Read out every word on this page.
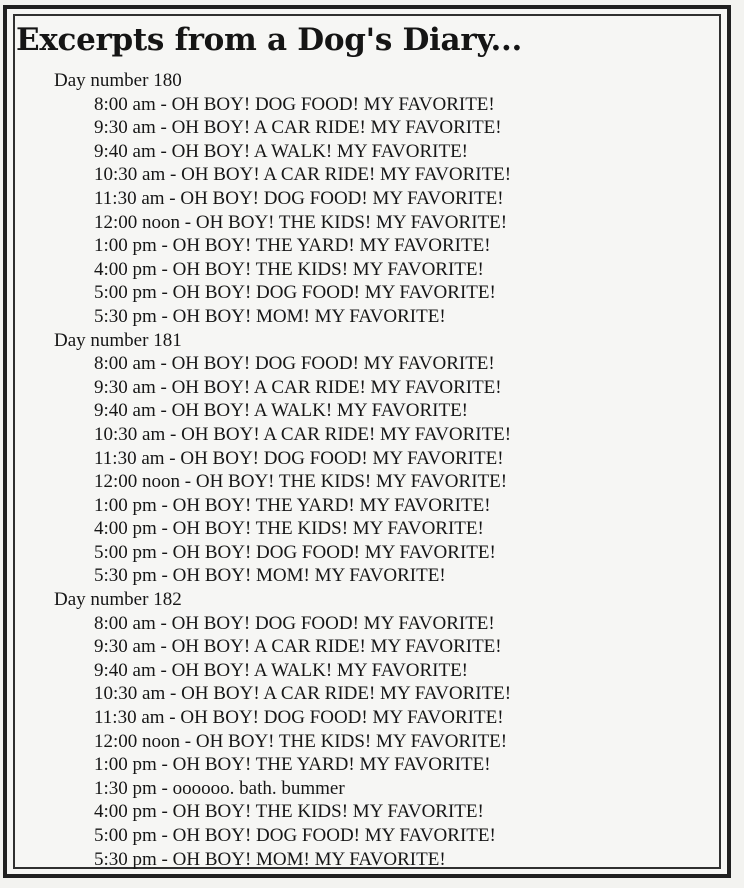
Excerpts from a Dog's Diary...
Day number 180
8:00 am - OH BOY! DOG FOOD! MY FAVORITE!
9:30 am - OH BOY! A CAR RIDE! MY FAVORITE!
9:40 am - OH BOY! A WALK! MY FAVORITE!
10:30 am - OH BOY! A CAR RIDE! MY FAVORITE!
11:30 am - OH BOY! DOG FOOD! MY FAVORITE!
12:00 noon - OH BOY! THE KIDS! MY FAVORITE!
1:00 pm - OH BOY! THE YARD! MY FAVORITE!
4:00 pm - OH BOY! THE KIDS! MY FAVORITE!
5:00 pm - OH BOY! DOG FOOD! MY FAVORITE!
5:30 pm - OH BOY! MOM! MY FAVORITE!
Day number 181
8:00 am - OH BOY! DOG FOOD! MY FAVORITE!
9:30 am - OH BOY! A CAR RIDE! MY FAVORITE!
9:40 am - OH BOY! A WALK! MY FAVORITE!
10:30 am - OH BOY! A CAR RIDE! MY FAVORITE!
11:30 am - OH BOY! DOG FOOD! MY FAVORITE!
12:00 noon - OH BOY! THE KIDS! MY FAVORITE!
1:00 pm - OH BOY! THE YARD! MY FAVORITE!
4:00 pm - OH BOY! THE KIDS! MY FAVORITE!
5:00 pm - OH BOY! DOG FOOD! MY FAVORITE!
5:30 pm - OH BOY! MOM! MY FAVORITE!
Day number 182
8:00 am - OH BOY! DOG FOOD! MY FAVORITE!
9:30 am - OH BOY! A CAR RIDE! MY FAVORITE!
9:40 am - OH BOY! A WALK! MY FAVORITE!
10:30 am - OH BOY! A CAR RIDE! MY FAVORITE!
11:30 am - OH BOY! DOG FOOD! MY FAVORITE!
12:00 noon - OH BOY! THE KIDS! MY FAVORITE!
1:00 pm - OH BOY! THE YARD! MY FAVORITE!
1:30 pm - oooooo. bath. bummer
4:00 pm - OH BOY! THE KIDS! MY FAVORITE!
5:00 pm - OH BOY! DOG FOOD! MY FAVORITE!
5:30 pm - OH BOY! MOM! MY FAVORITE!
